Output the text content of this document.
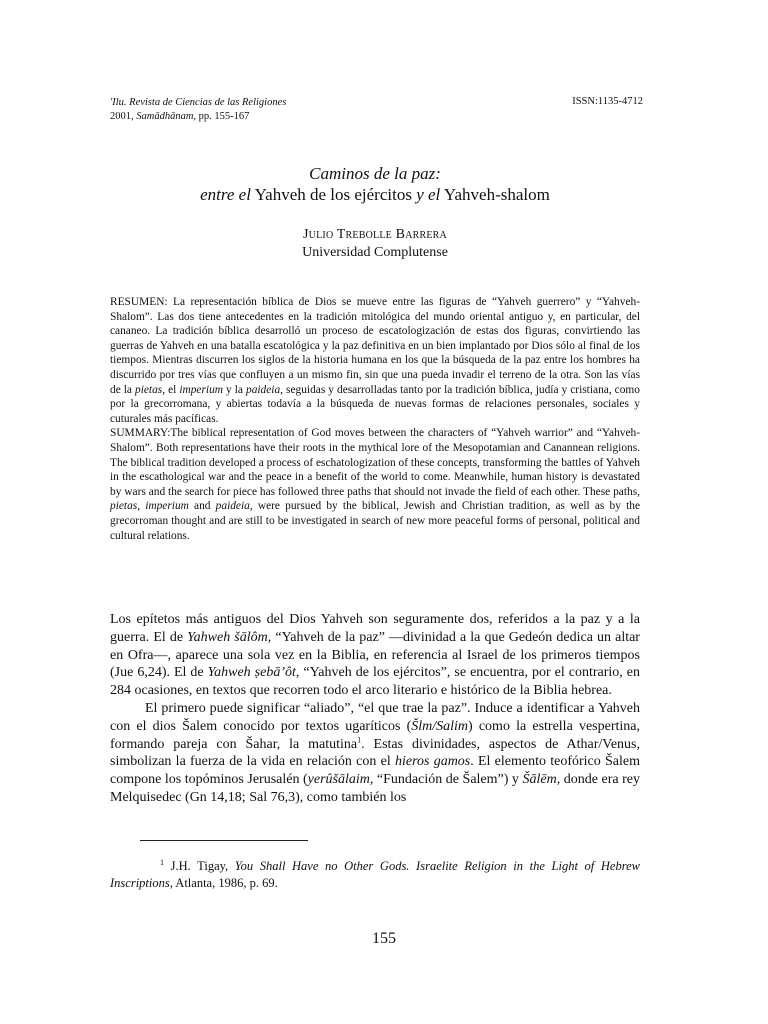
'Ilu. Revista de Ciencias de las Religiones
2001, Samādhānam, pp. 155-167
ISSN:1135-4712
Caminos de la paz:
entre el Yahveh de los ejércitos y el Yahveh-shalom
Julio Trebolle Barrera
Universidad Complutense

RESUMEN: La representación bíblica de Dios se mueve entre las figuras de “Yahveh guerrero” y “Yahveh-Shalom”. Las dos tiene antecedentes en la tradición mitológica del mundo oriental antiguo y, en particular, del cananeo. La tradición bíblica desarrolló un proceso de escatologización de estas dos figuras, convirtiendo las guerras de Yahveh en una batalla escatológica y la paz definitiva en un bien implantado por Dios sólo al final de los tiempos. Mientras discurren los siglos de la historia humana en los que la búsqueda de la paz entre los hombres ha discurrido por tres vías que confluyen a un mismo fin, sin que una pueda invadir el terreno de la otra. Son las vías de la pietas, el imperium y la paideia, seguidas y desarrolladas tanto por la tradición bíblica, judía y cristiana, como por la grecorromana, y abiertas todavía a la búsqueda de nuevas formas de relaciones personales, sociales y cuturales más pacíficas.

SUMMARY:The biblical representation of God moves between the characters of “Yahveh warrior” and “Yahveh-Shalom”. Both representations have their roots in the mythical lore of the Mesopotamian and Canannean religions. The biblical tradition developed a process of eschatologization of these concepts, transforming the battles of Yahveh in the escathological war and the peace in a benefit of the world to come. Meanwhile, human history is devastated by wars and the search for piece has followed three paths that should not invade the field of each other. These paths, pietas, imperium and paideia, were pursued by the biblical, Jewish and Christian tradition, as well as by the grecorroman thought and are still to be investigated in search of new more peaceful forms of personal, political and cultural relations.

Los epítetos más antiguos del Dios Yahveh son seguramente dos, referidos a la paz y a la guerra. El de Yahweh šālôm, “Yahveh de la paz” —divinidad a la que Gedeón dedica un altar en Ofra—, aparece una sola vez en la Biblia, en referencia al Israel de los primeros tiempos (Jue 6,24). El de Yahweh ṣebā’ôt, “Yahveh de los ejércitos”, se encuentra, por el contrario, en 284 ocasiones, en textos que recorren todo el arco literario e histórico de la Biblia hebrea.

El primero puede significar “aliado”, “el que trae la paz”. Induce a identificar a Yahveh con el dios Šalem conocido por textos ugaríticos (Šlm/Salim) como la estrella vespertina, formando pareja con Šahar, la matutina$^1$. Estas divinidades, aspectos de Athar/Venus, simbolizan la fuerza de la vida en relación con el hieros gamos. El elemento teofórico Šalem compone los topóminos Jerusalén (yerûšālaim, “Fundación de Šalem”) y Šālēm, donde era rey Melquisedec (Gn 14,18; Sal 76,3), como también los

$^1$ J.H. Tigay, You Shall Have no Other Gods. Israelite Religion in the Light of Hebrew Inscriptions, Atlanta, 1986, p. 69.
155
